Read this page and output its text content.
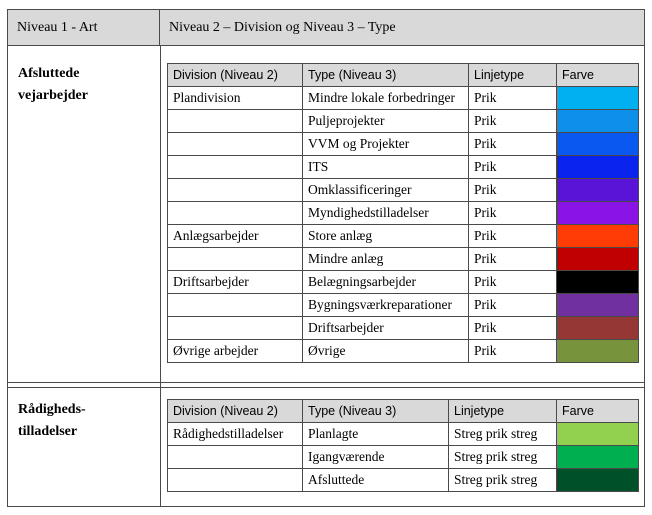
Niveau 1 - Art	Niveau 2 – Division og Niveau 3 – Type
Afsluttede
vejarbejder
Division (Niveau 2)	Type (Niveau 3)	Linjetype	Farve
Plandivision	Mindre lokale forbedringer	Prik	
	Puljeprojekter	Prik	
	VVM og Projekter	Prik	
	ITS	Prik	
	Omklassificeringer	Prik	
	Myndighedstilladelser	Prik	
Anlægsarbejder	Store anlæg	Prik	
	Mindre anlæg	Prik	
Driftsarbejder	Belægningsarbejder	Prik	
	Bygningsværkreparationer	Prik	
	Driftsarbejder	Prik	
Øvrige arbejder	Øvrige	Prik	
Rådigheds-
tilladelser
Division (Niveau 2)	Type (Niveau 3)	Linjetype	Farve
Rådighedstilladelser	Planlagte	Streg prik streg	
	Igangværende	Streg prik streg	
	Afsluttede	Streg prik streg	
